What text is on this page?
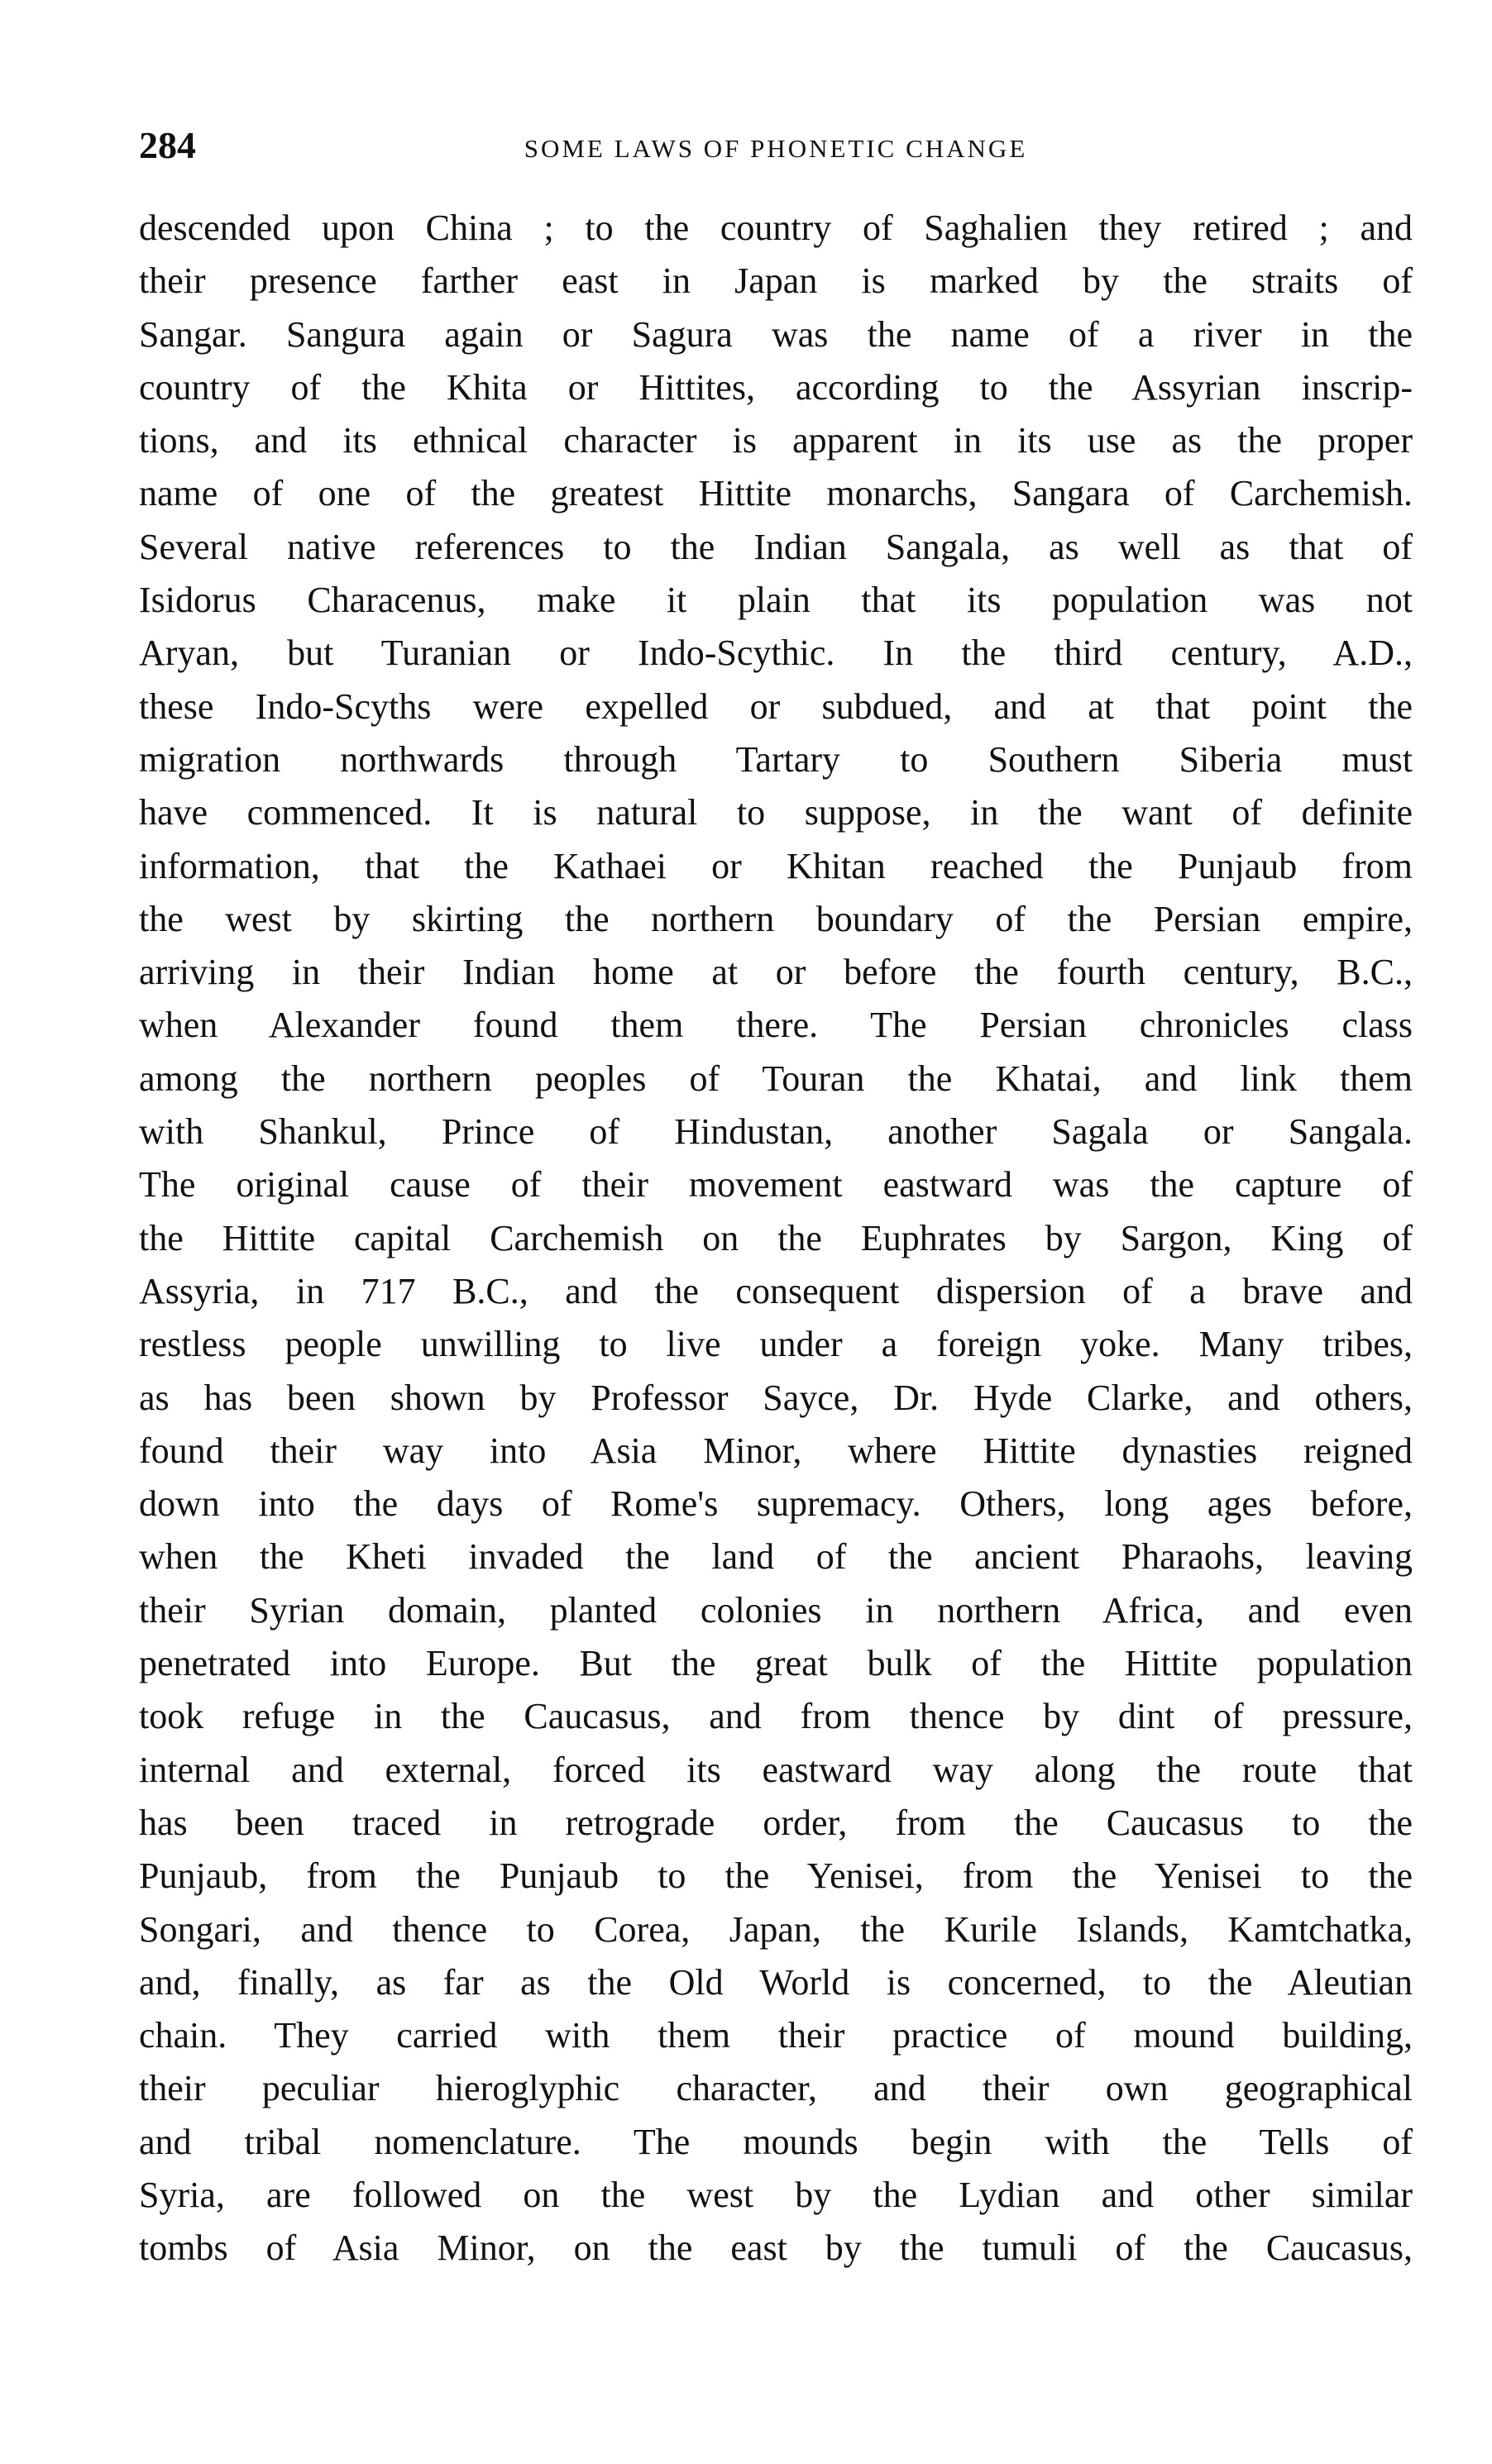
284	SOME LAWS OF PHONETIC CHANGE
descended upon China ; to the country of Saghalien they retired ; and
their presence farther east in Japan is marked by the straits of
Sangar. Sangura again or Sagura was the name of a river in the
country of the Khita or Hittites, according to the Assyrian inscrip-
tions, and its ethnical character is apparent in its use as the proper
name of one of the greatest Hittite monarchs, Sangara of Carchemish.
Several native references to the Indian Sangala, as well as that of
Isidorus Characenus, make it plain that its population was not
Aryan, but Turanian or Indo-Scythic. In the third century, A.D.,
these Indo-Scyths were expelled or subdued, and at that point the
migration northwards through Tartary to Southern Siberia must
have commenced. It is natural to suppose, in the want of definite
information, that the Kathaei or Khitan reached the Punjaub from
the west by skirting the northern boundary of the Persian empire,
arriving in their Indian home at or before the fourth century, B.C.,
when Alexander found them there. The Persian chronicles class
among the northern peoples of Touran the Khatai, and link them
with Shankul, Prince of Hindustan, another Sagala or Sangala.
The original cause of their movement eastward was the capture of
the Hittite capital Carchemish on the Euphrates by Sargon, King of
Assyria, in 717 B.C., and the consequent dispersion of a brave and
restless people unwilling to live under a foreign yoke. Many tribes,
as has been shown by Professor Sayce, Dr. Hyde Clarke, and others,
found their way into Asia Minor, where Hittite dynasties reigned
down into the days of Rome's supremacy. Others, long ages before,
when the Kheti invaded the land of the ancient Pharaohs, leaving
their Syrian domain, planted colonies in northern Africa, and even
penetrated into Europe. But the great bulk of the Hittite population
took refuge in the Caucasus, and from thence by dint of pressure,
internal and external, forced its eastward way along the route that
has been traced in retrograde order, from the Caucasus to the
Punjaub, from the Punjaub to the Yenisei, from the Yenisei to the
Songari, and thence to Corea, Japan, the Kurile Islands, Kamtchatka,
and, finally, as far as the Old World is concerned, to the Aleutian
chain. They carried with them their practice of mound building,
their peculiar hieroglyphic character, and their own geographical
and tribal nomenclature. The mounds begin with the Tells of
Syria, are followed on the west by the Lydian and other similar
tombs of Asia Minor, on the east by the tumuli of the Caucasus,
